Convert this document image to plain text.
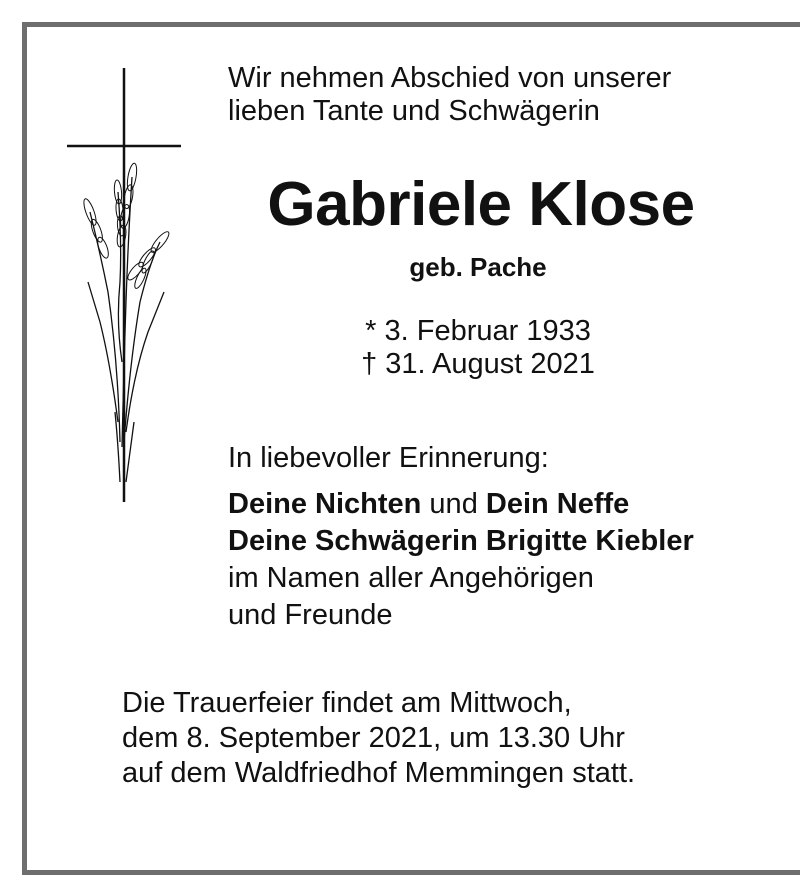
Wir nehmen Abschied von unserer
lieben Tante und Schwägerin
Gabriele Klose
geb. Pache
* 3. Februar 1933
† 31. August 2021
In liebevoller Erinnerung:
Deine Nichten und Dein Neffe
Deine Schwägerin Brigitte Kiebler
im Namen aller Angehörigen
und Freunde
Die Trauerfeier findet am Mittwoch,
dem 8. September 2021, um 13.30 Uhr
auf dem Waldfriedhof Memmingen statt.
